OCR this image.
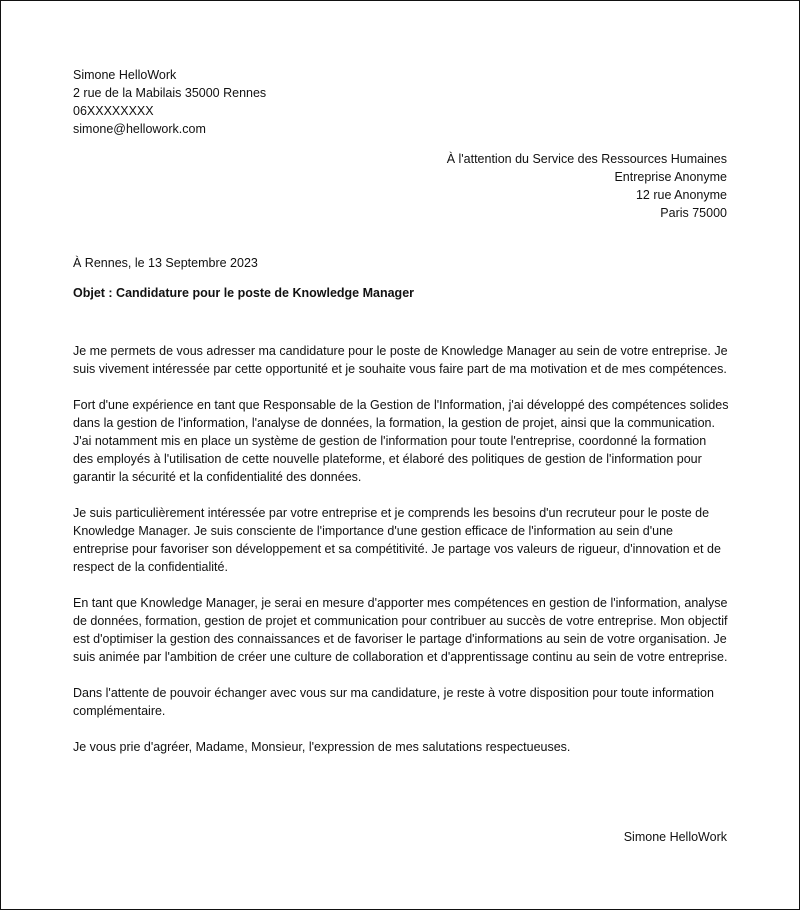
Simone HelloWork
2 rue de la Mabilais 35000 Rennes
06XXXXXXXX
simone@hellowork.com
À l'attention du Service des Ressources Humaines
Entreprise Anonyme
12 rue Anonyme
Paris 75000
À Rennes, le 13 Septembre 2023
Objet : Candidature pour le poste de Knowledge Manager

Je me permets de vous adresser ma candidature pour le poste de Knowledge Manager au sein de votre entreprise. Je suis vivement intéressée par cette opportunité et je souhaite vous faire part de ma motivation et de mes compétences.

Fort d'une expérience en tant que Responsable de la Gestion de l'Information, j'ai développé des compétences solides dans la gestion de l'information, l'analyse de données, la formation, la gestion de projet, ainsi que la communication. J'ai notamment mis en place un système de gestion de l'information pour toute l'entreprise, coordonné la formation des employés à l'utilisation de cette nouvelle plateforme, et élaboré des politiques de gestion de l'information pour garantir la sécurité et la confidentialité des données.

Je suis particulièrement intéressée par votre entreprise et je comprends les besoins d'un recruteur pour le poste de Knowledge Manager. Je suis consciente de l'importance d'une gestion efficace de l'information au sein d'une entreprise pour favoriser son développement et sa compétitivité. Je partage vos valeurs de rigueur, d'innovation et de respect de la confidentialité.

En tant que Knowledge Manager, je serai en mesure d'apporter mes compétences en gestion de l'information, analyse de données, formation, gestion de projet et communication pour contribuer au succès de votre entreprise. Mon objectif est d'optimiser la gestion des connaissances et de favoriser le partage d'informations au sein de votre organisation. Je suis animée par l'ambition de créer une culture de collaboration et d'apprentissage continu au sein de votre entreprise.

Dans l'attente de pouvoir échanger avec vous sur ma candidature, je reste à votre disposition pour toute information complémentaire.

Je vous prie d'agréer, Madame, Monsieur, l'expression de mes salutations respectueuses.

Simone HelloWork
